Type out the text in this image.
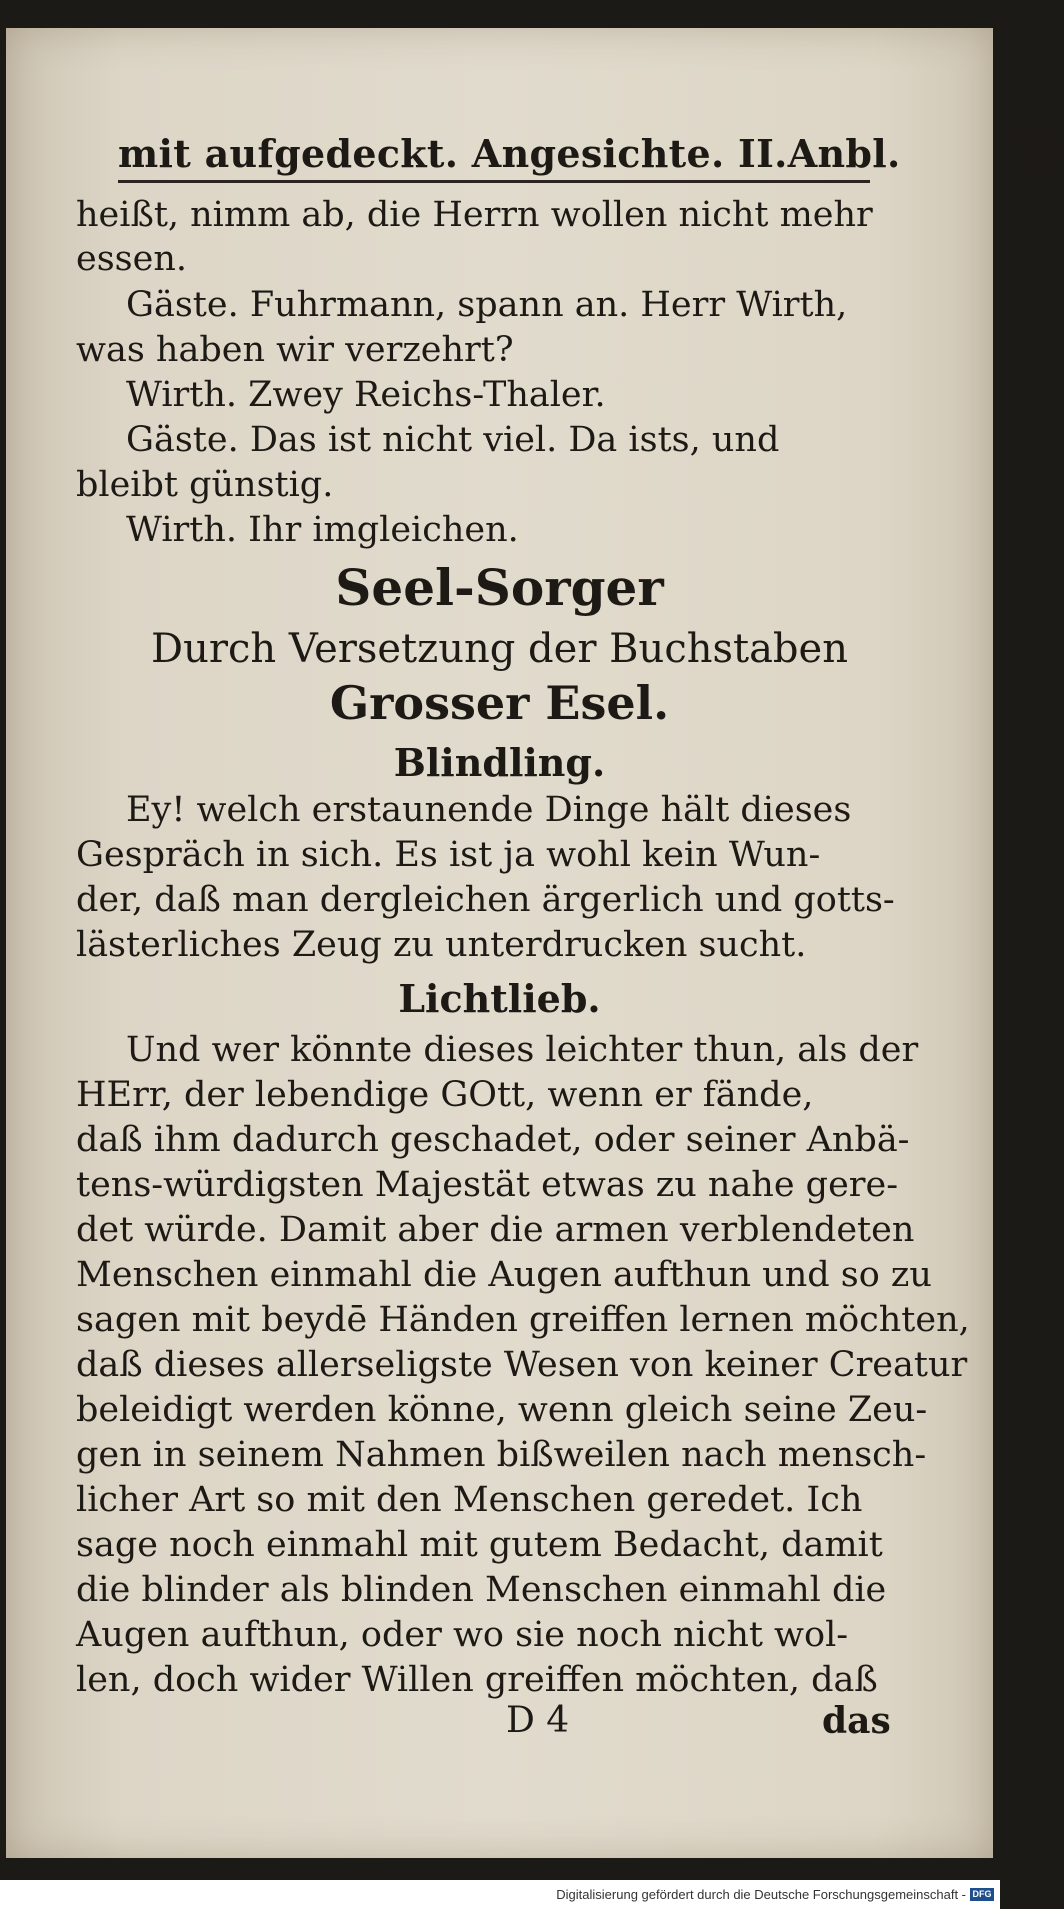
mit aufgedeckt. Angesichte. II.Anbl.	55
heißt, nimm ab, die Herrn wollen nicht mehr
essen.
Gäste. Fuhrmann, spann an. Herr Wirth,
was haben wir verzehrt?
Wirth. Zwey Reichs-Thaler.
Gäste. Das ist nicht viel. Da ists, und
bleibt günstig.
Wirth. Ihr imgleichen.
Seel-Sorger
Durch Versetzung der Buchstaben
Grosser Esel.
Blindling.
Ey! welch erstaunende Dinge hält dieses
Gespräch in sich. Es ist ja wohl kein Wun-
der, daß man dergleichen ärgerlich und gotts-
lästerliches Zeug zu unterdrucken sucht.
Lichtlieb.
Und wer könnte dieses leichter thun, als der
HErr, der lebendige GOtt, wenn er fände,
daß ihm dadurch geschadet, oder seiner Anbä-
tens-würdigsten Majestät etwas zu nahe gere-
det würde. Damit aber die armen verblendeten
Menschen einmahl die Augen aufthun und so zu
sagen mit beydē Händen greiffen lernen möchten,
daß dieses allerseligste Wesen von keiner Creatur
beleidigt werden könne, wenn gleich seine Zeu-
gen in seinem Nahmen bißweilen nach mensch-
licher Art so mit den Menschen geredet. Ich
sage noch einmahl mit gutem Bedacht, damit
die blinder als blinden Menschen einmahl die
Augen aufthun, oder wo sie noch nicht wol-
len, doch wider Willen greiffen möchten, daß
D 4	das
Digitalisierung gefördert durch die Deutsche Forschungsgemeinschaft - DFG
